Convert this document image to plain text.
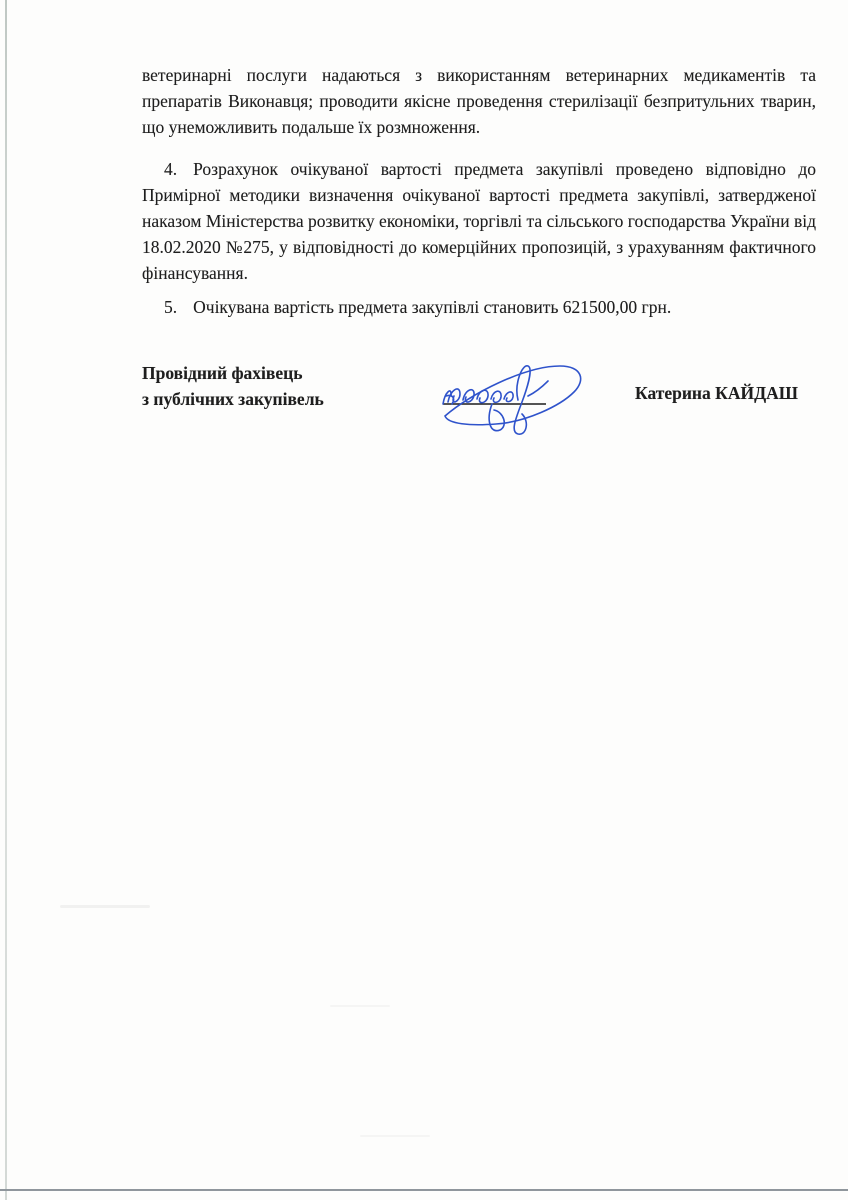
ветеринарні послуги надаються з використанням ветеринарних медикаментів та препаратів Виконавця; проводити якісне проведення стерилізації безпритульних тварин, що унеможливить подальше їх розмноження.

4. Розрахунок очікуваної вартості предмета закупівлі проведено відповідно до Примірної методики визначення очікуваної вартості предмета закупівлі, затвердженої наказом Міністерства розвитку економіки, торгівлі та сільського господарства України від 18.02.2020 №275, у відповідності до комерційних пропозицій, з урахуванням фактичного фінансування.

5. Очікувана вартість предмета закупівлі становить 621500,00 грн.

Провідний фахівець
з публічних закупівель	Катерина КАЙДАШ
